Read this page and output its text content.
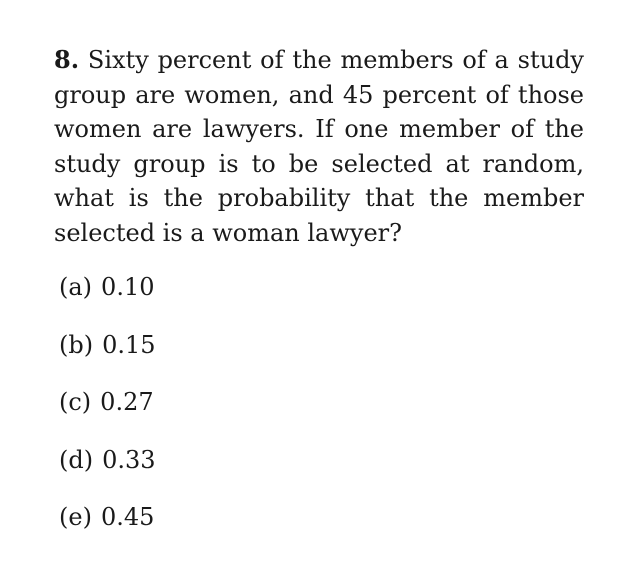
8. Sixty percent of the members of a study group are women, and 45 percent of those women are lawyers. If one member of the study group is to be selected at random, what is the probability that the member selected is a woman lawyer?

(a) 0.10
(b) 0.15
(c) 0.27
(d) 0.33
(e) 0.45
